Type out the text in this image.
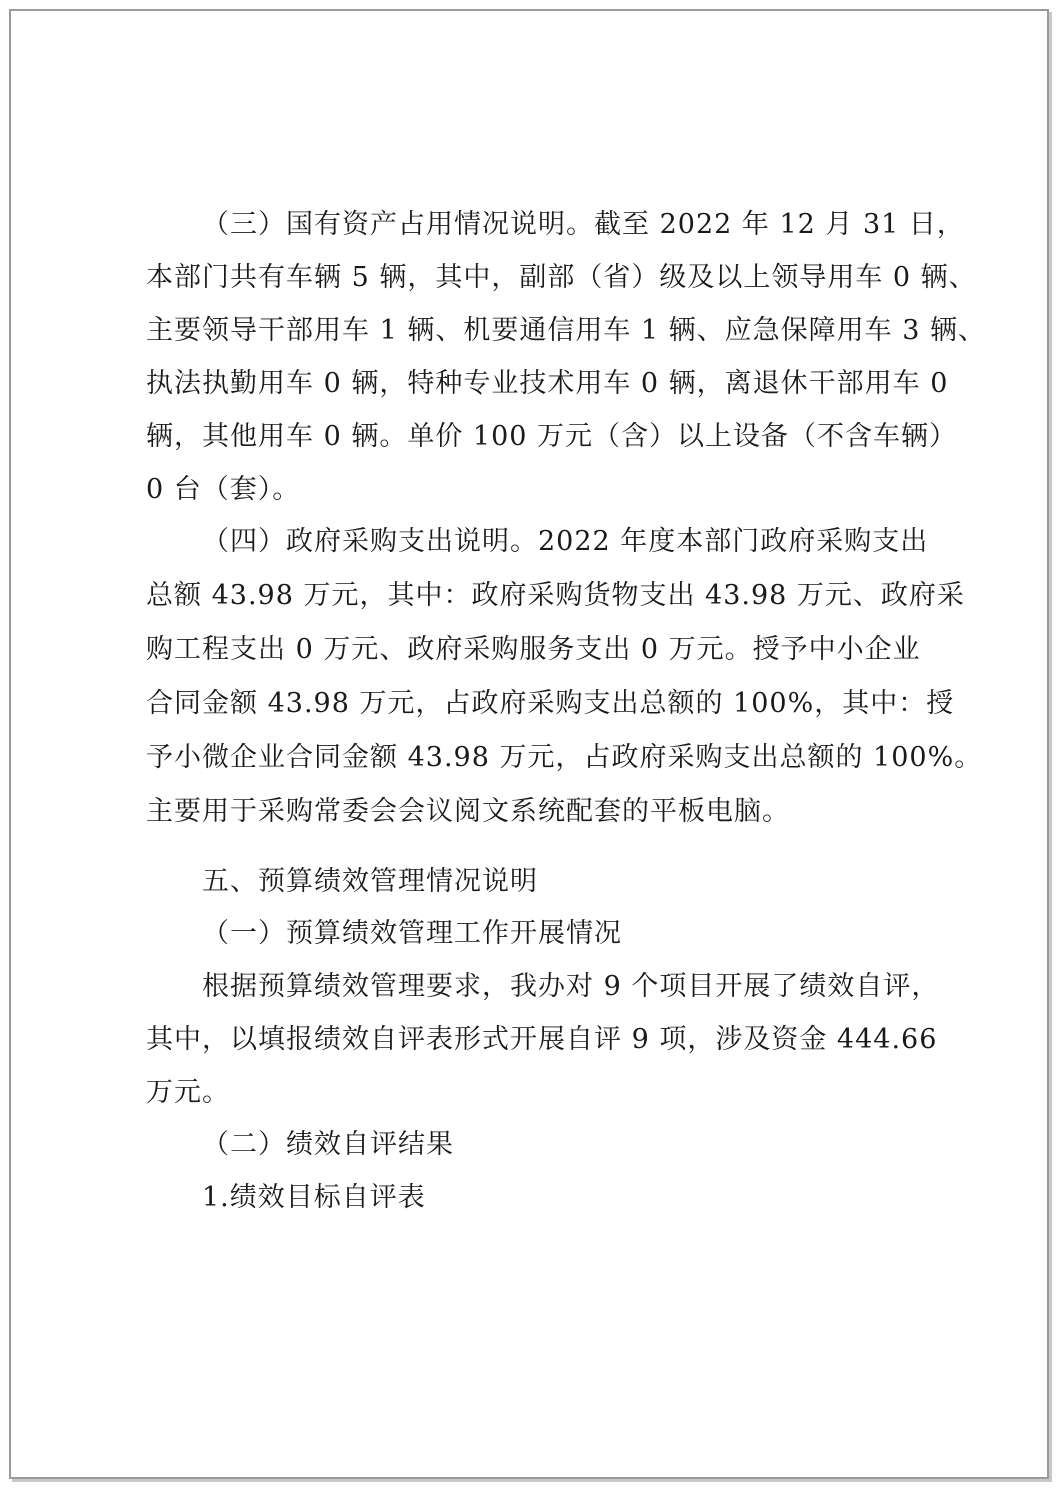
（三）国有资产占用情况说明。截至 2022 年 12 月 31 日，
本部门共有车辆 5 辆，其中，副部（省）级及以上领导用车 0 辆、
主要领导干部用车 1 辆、机要通信用车 1 辆、应急保障用车 3 辆、
执法执勤用车 0 辆，特种专业技术用车 0 辆，离退休干部用车 0
辆，其他用车 0 辆。单价 100 万元（含）以上设备（不含车辆）
0 台（套）。
（四）政府采购支出说明。2022 年度本部门政府采购支出
总额 43.98 万元，其中：政府采购货物支出 43.98 万元、政府采
购工程支出 0 万元、政府采购服务支出 0 万元。授予中小企业
合同金额 43.98 万元，占政府采购支出总额的 100%，其中：授
予小微企业合同金额 43.98 万元，占政府采购支出总额的 100%。
主要用于采购常委会会议阅文系统配套的平板电脑。
五、预算绩效管理情况说明
（一）预算绩效管理工作开展情况
根据预算绩效管理要求，我办对 9 个项目开展了绩效自评，
其中，以填报绩效自评表形式开展自评 9 项，涉及资金 444.66
万元。
（二）绩效自评结果
1.绩效目标自评表
